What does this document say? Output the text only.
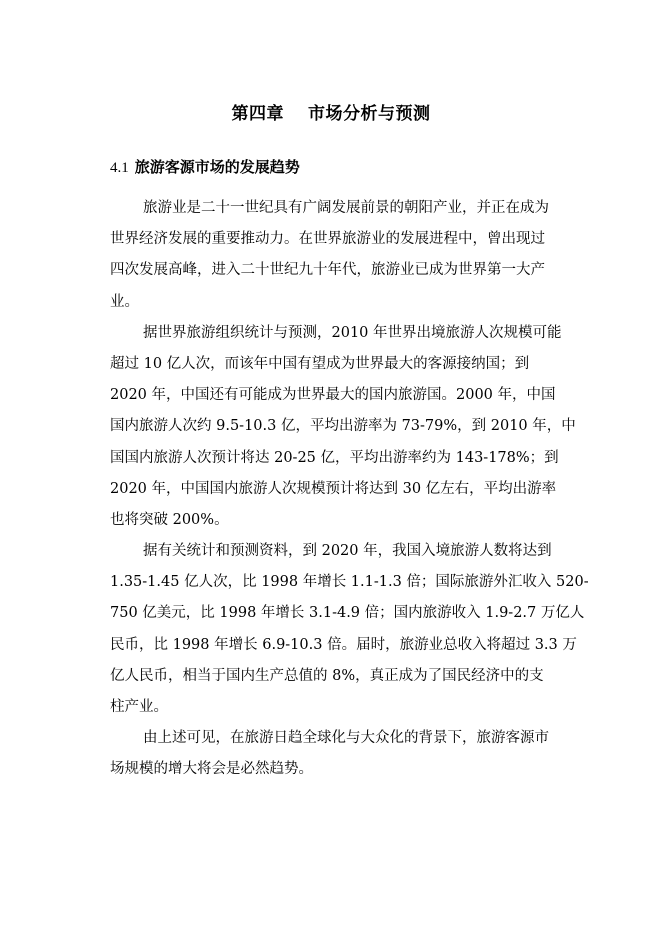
第四章　 市场分析与预测
4.1 旅游客源市场的发展趋势

旅游业是二十一世纪具有广阔发展前景的朝阳产业，并正在成为
世界经济发展的重要推动力。在世界旅游业的发展进程中，曾出现过
四次发展高峰，进入二十世纪九十年代，旅游业已成为世界第一大产
业。

据世界旅游组织统计与预测，2010 年世界出境旅游人次规模可能
超过 10 亿人次，而该年中国有望成为世界最大的客源接纳国；到
2020 年，中国还有可能成为世界最大的国内旅游国。2000 年，中国
国内旅游人次约 9.5-10.3 亿，平均出游率为 73-79%，到 2010 年，中
国国内旅游人次预计将达 20-25 亿，平均出游率约为 143-178%；到
2020 年，中国国内旅游人次规模预计将达到 30 亿左右，平均出游率
也将突破 200%。

据有关统计和预测资料，到 2020 年，我国入境旅游人数将达到
1.35-1.45 亿人次，比 1998 年增长 1.1-1.3 倍；国际旅游外汇收入 520-
750 亿美元，比 1998 年增长 3.1-4.9 倍；国内旅游收入 1.9-2.7 万亿人
民币，比 1998 年增长 6.9-10.3 倍。届时，旅游业总收入将超过 3.3 万
亿人民币，相当于国内生产总值的 8%，真正成为了国民经济中的支
柱产业。

由上述可见，在旅游日趋全球化与大众化的背景下，旅游客源市
场规模的增大将会是必然趋势。
